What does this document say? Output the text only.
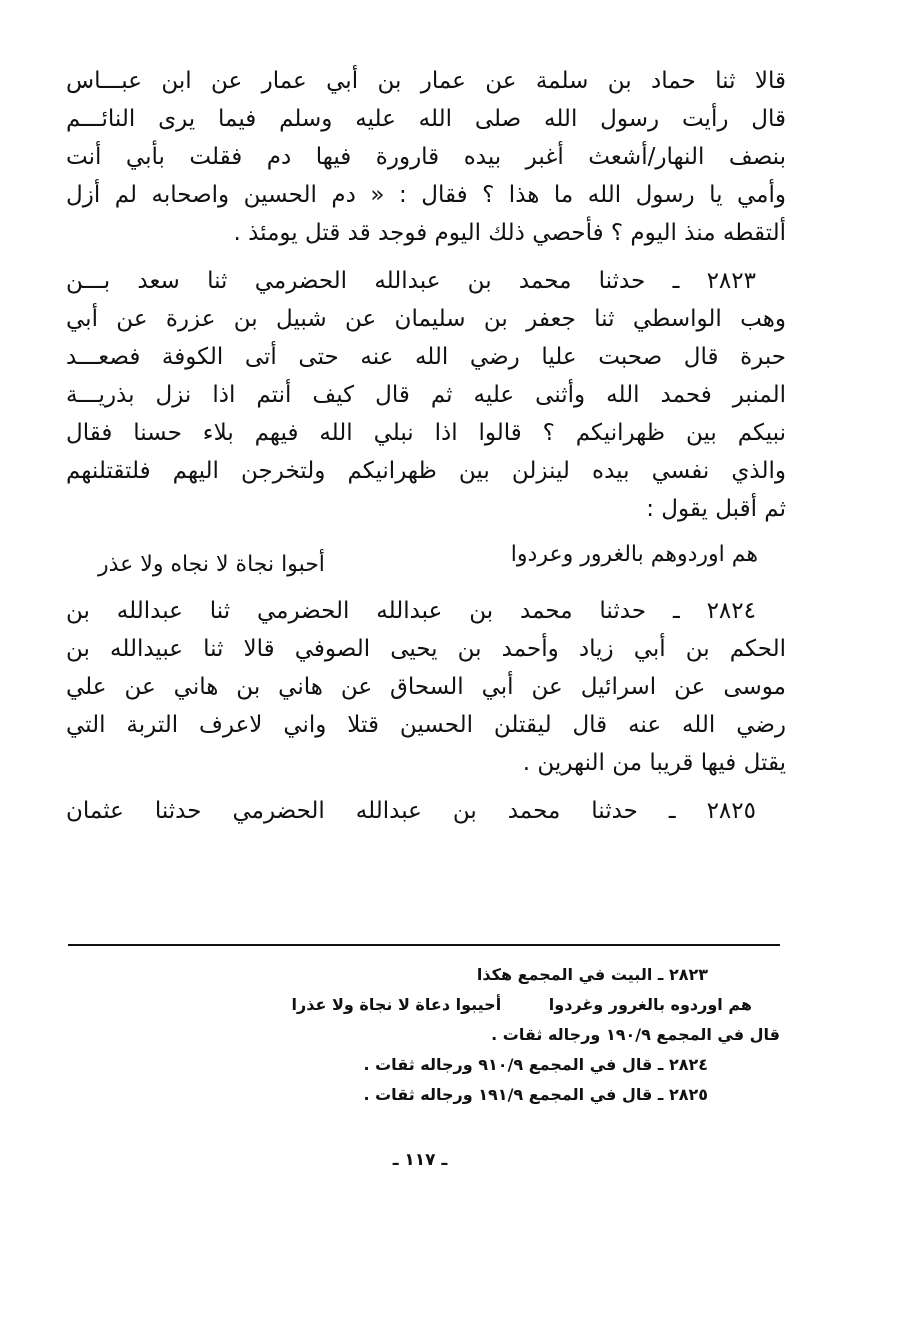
قالا ثنا حماد بن سلمة عن عمار بن أبي عمار عن ابن عبـــاس
قال رأيت رسول الله صلى الله عليه وسلم فيما يرى النائـــم
بنصف النهار/أشعث أغبر بيده قارورة فيها دم فقلت بأبي أنت
وأمي يا رسول الله ما هذا ؟ فقال : « دم الحسين واصحابه لم أزل
ألتقطه منذ اليوم ؟ فأحصي ذلك اليوم فوجد قد قتل يومئذ .
٢٨٢٣ ـ حدثنا محمد بن عبدالله الحضرمي ثنا سعد بـــن
وهب الواسطي ثنا جعفر بن سليمان عن شبيل بن عزرة عن أبي
حبرة قال صحبت عليا رضي الله عنه حتى أتى الكوفة فصعـــد
المنبر فحمد الله وأثنى عليه ثم قال كيف أنتم اذا نزل بذريـــة
نبيكم بين ظهرانيكم ؟ قالوا اذا نبلي الله فيهم بلاء حسنا فقال
والذي نفسي بيده لينزلن بين ظهرانيكم ولتخرجن اليهم فلتقتلنهم
ثم أقبل يقول :
هم اوردوهم بالغرور وعردوا
أحبوا نجاة لا نجاه ولا عذر
٢٨٢٤ ـ حدثنا محمد بن عبدالله الحضرمي ثنا عبدالله بن
الحكم بن أبي زياد وأحمد بن يحيى الصوفي قالا ثنا عبيدالله بن
موسى عن اسرائيل عن أبي السحاق عن هاني بن هاني عن علي
رضي الله عنه قال ليقتلن الحسين قتلا واني لاعرف التربة التي
يقتل فيها قريبا من النهرين .
٢٨٢٥ ـ حدثنا محمد بن عبدالله الحضرمي حدثنا عثمان
٢٨٢٣ ـ البيت في المجمع هكذا
هم اوردوه بالغرور وغردوا أحيبوا دعاة لا نجاة ولا عذرا
قال في المجمع ١٩٠/٩ ورجاله ثقات .
٢٨٢٤ ـ قال في المجمع ٩١٠/٩ ورجاله ثقات .
٢٨٢٥ ـ قال في المجمع ١٩١/٩ ورجاله ثقات .
ـ ١١٧ ـ
